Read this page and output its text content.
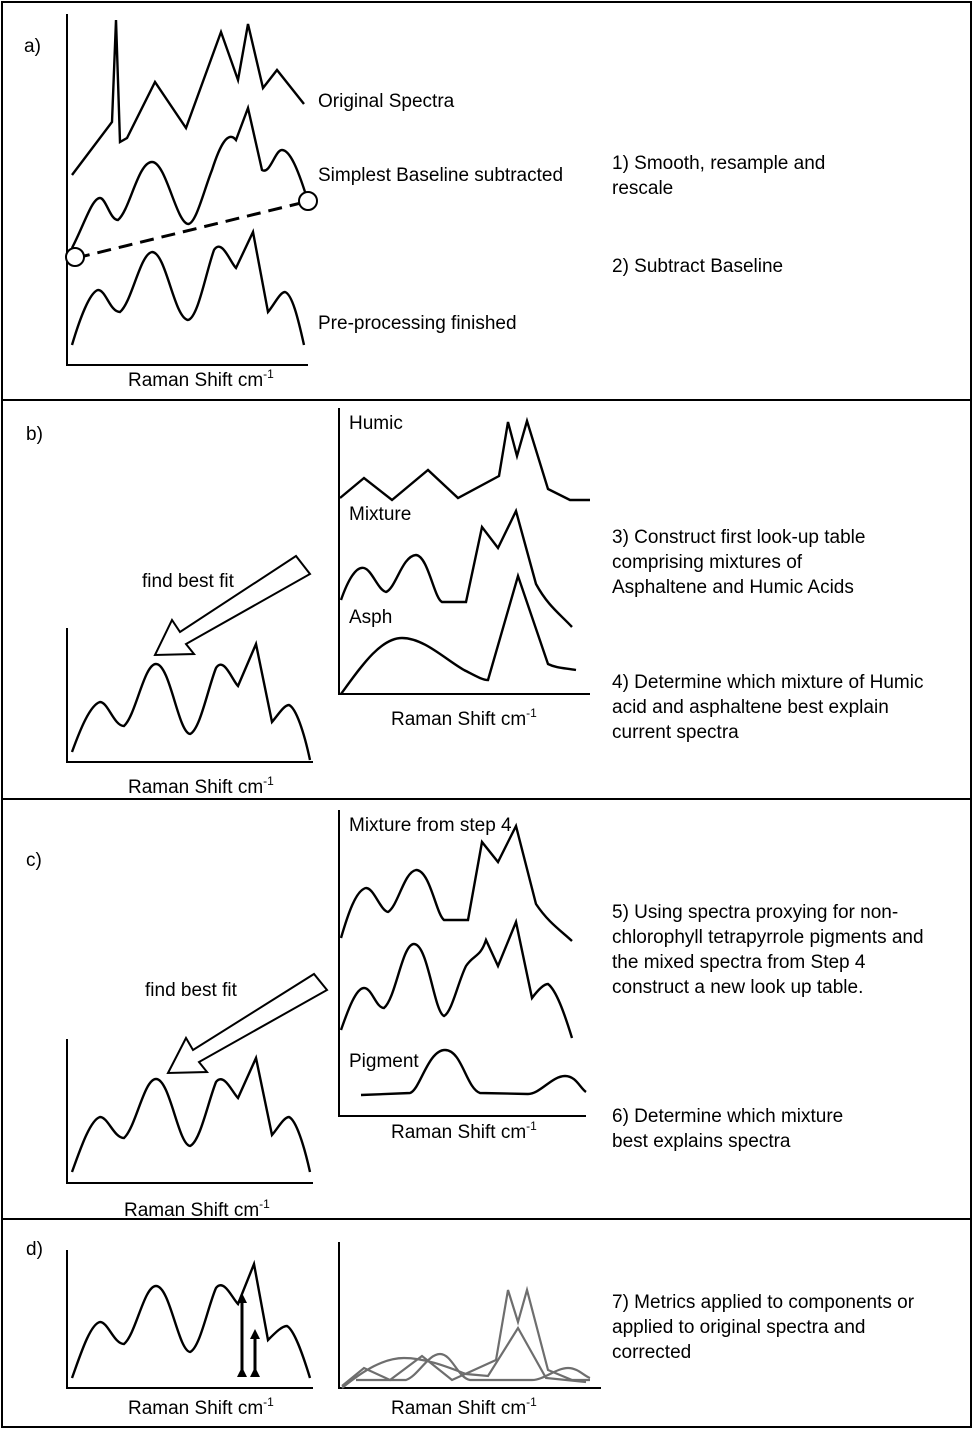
a)
Original Spectra
Simplest Baseline subtracted
Pre-processing finished
Raman Shift $cm^{-1}$
1) Smooth, resample and rescale
2) Subtract Baseline
b)
find best fit
Raman Shift $cm^{-1}$
Humic
Mixture
Asph
Raman Shift $cm^{-1}$
3) Construct first look-up table comprising mixtures of Asphaltene and Humic Acids
4) Determine which mixture of Humic acid and asphaltene best explain current spectra
c)
find best fit
Raman Shift $cm^{-1}$
Mixture from step 4
Pigment
Raman Shift $cm^{-1}$
5) Using spectra proxying for non- chlorophyll tetrapyrrole pigments and the mixed spectra from Step 4 construct a new look up table.
6) Determine which mixture best explains spectra
d)
Raman Shift $cm^{-1}$	Raman Shift $cm^{-1}$
7) Metrics applied to components or applied to original spectra and corrected
